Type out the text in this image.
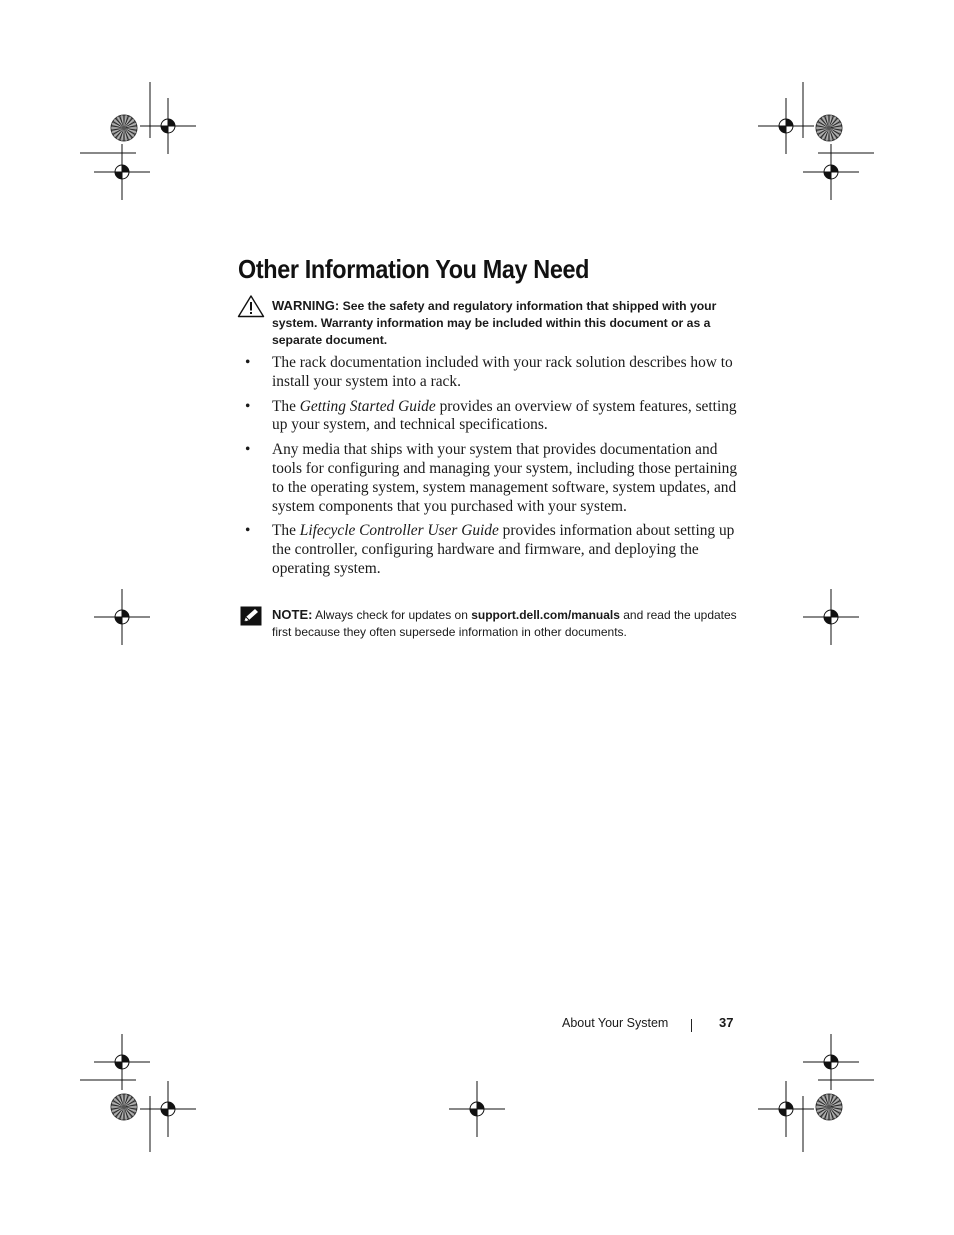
Other Information You May Need
WARNING: See the safety and regulatory information that shipped with your system. Warranty information may be included within this document or as a separate document.
• The rack documentation included with your rack solution describes how to install your system into a rack.
• The Getting Started Guide provides an overview of system features, setting up your system, and technical specifications.
• Any media that ships with your system that provides documentation and tools for configuring and managing your system, including those pertaining to the operating system, system management software, system updates, and system components that you purchased with your system.
• The Lifecycle Controller User Guide provides information about setting up the controller, configuring hardware and firmware, and deploying the operating system.
NOTE: Always check for updates on support.dell.com/manuals and read the updates first because they often supersede information in other documents.
About Your System	37
